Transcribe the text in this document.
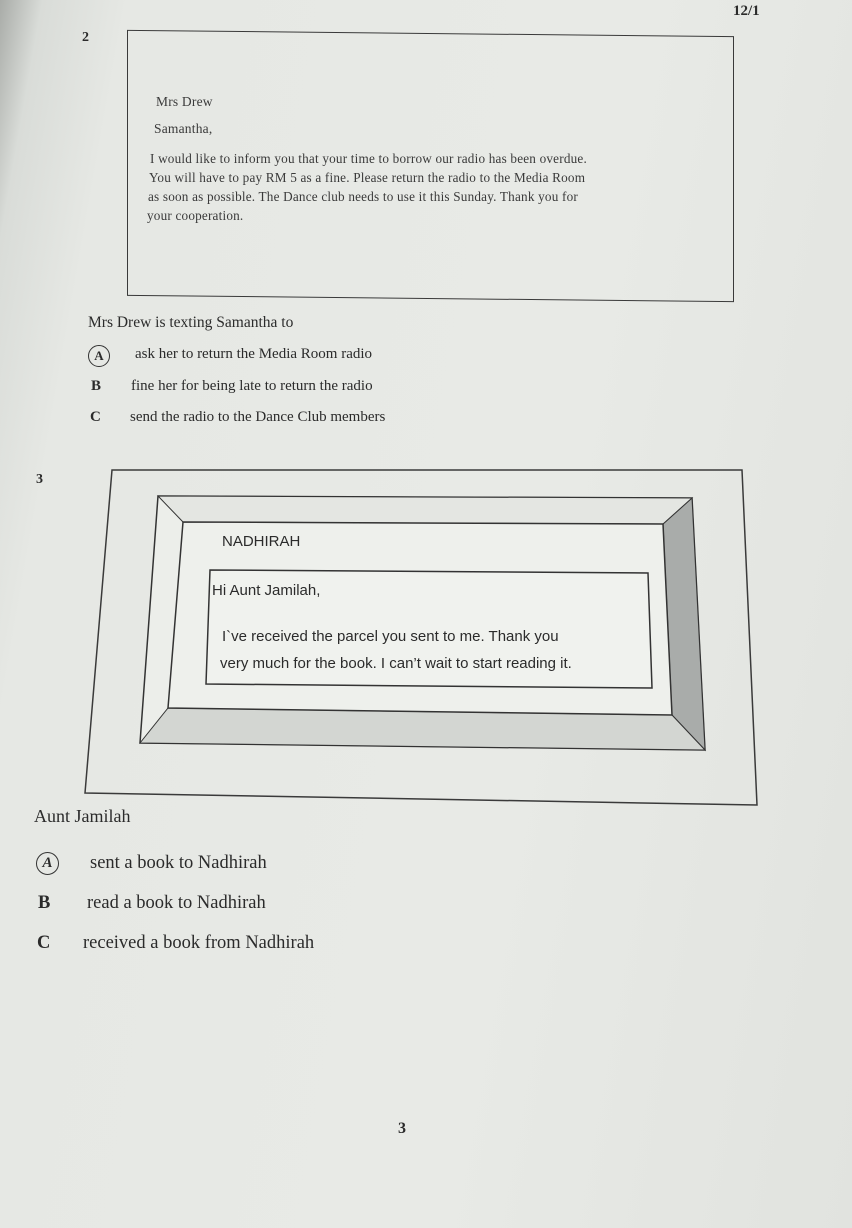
12/1
2
Mrs Drew
Samantha,
I would like to inform you that your time to borrow our radio has been overdue.
You will have to pay RM 5 as a fine. Please return the radio to the Media Room
as soon as possible. The Dance club needs to use it this Sunday. Thank you for
your cooperation.
Mrs Drew is texting Samantha to
A	ask her to return the Media Room radio
B fine her for being late to return the radio
C send the radio to the Dance Club members
3
NADHIRAH
Hi Aunt Jamilah,
I`ve received the parcel you sent to me. Thank you
very much for the book. I can’t wait to start reading it.
Aunt Jamilah
A	sent a book to Nadhirah
B read a book to Nadhirah
C received a book from Nadhirah
3
